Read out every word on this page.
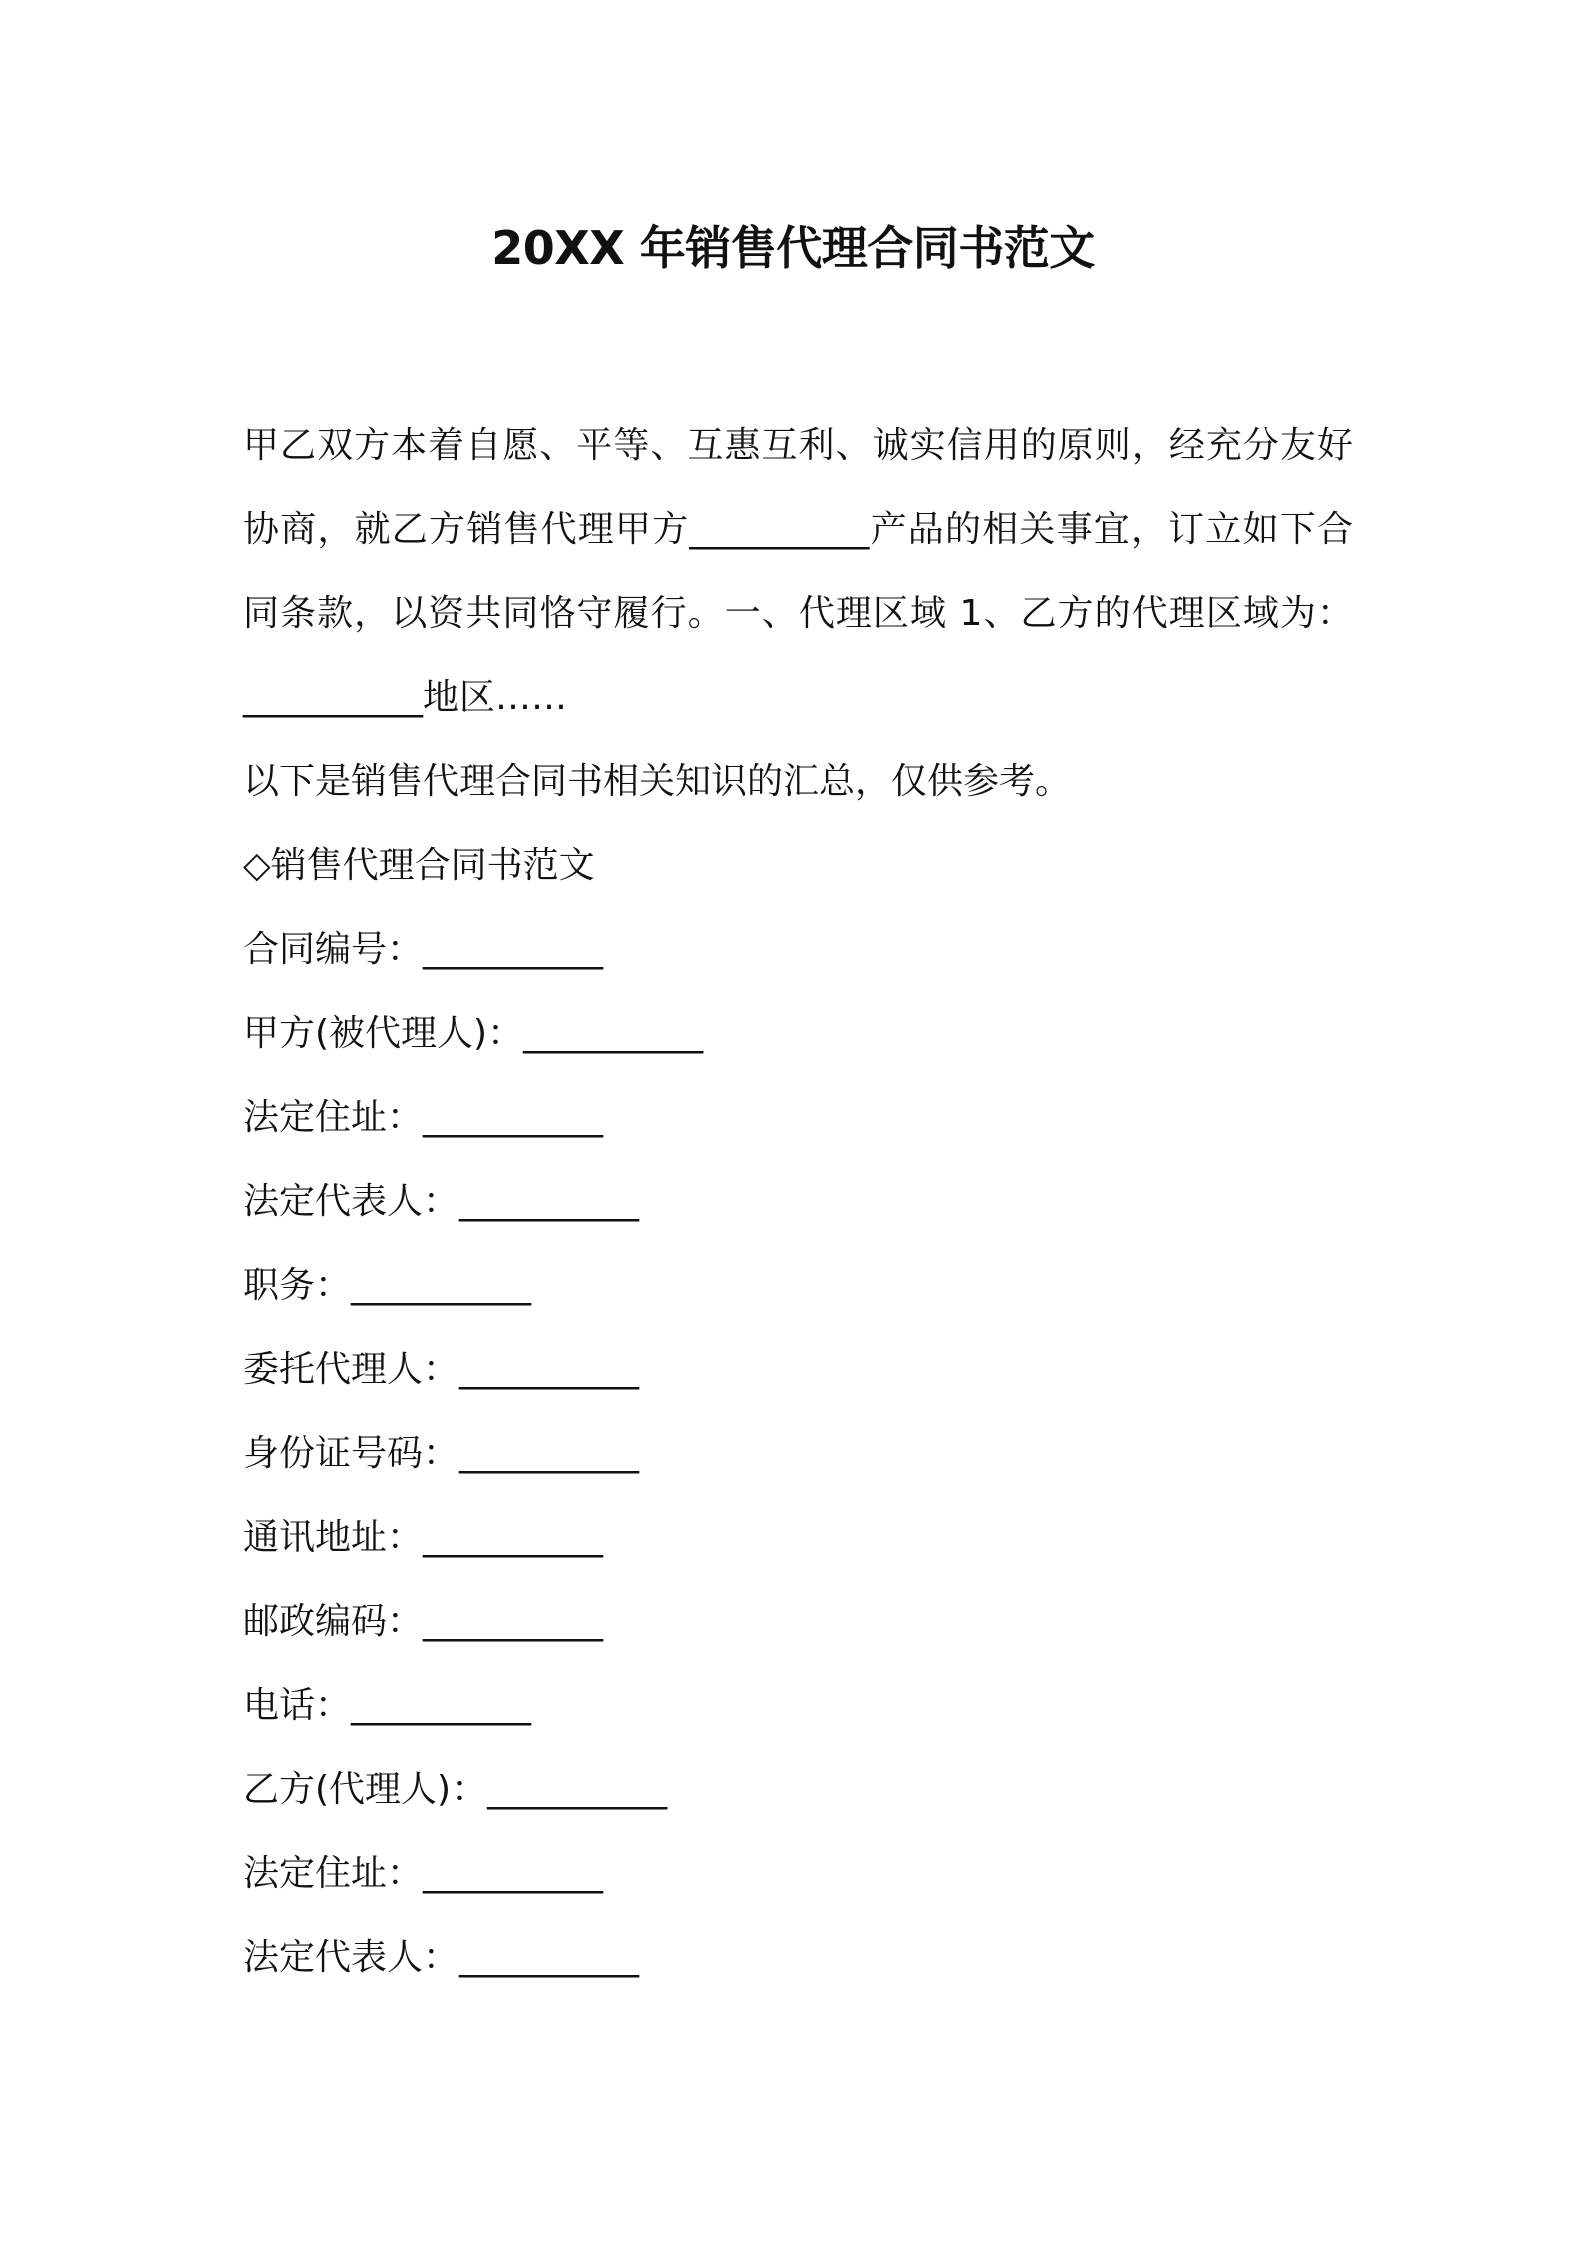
20XX 年销售代理合同书范文

甲乙双方本着自愿、平等、互惠互利、诚实信用的原则，经充分友好协商，就乙方销售代理甲方__________产品的相关事宜，订立如下合同条款，以资共同恪守履行。一、代理区域 1、乙方的代理区域为：__________地区……

以下是销售代理合同书相关知识的汇总，仅供参考。

◇销售代理合同书范文

合同编号：__________

甲方(被代理人)：__________

法定住址：__________

法定代表人：__________

职务：__________

委托代理人：__________

身份证号码：__________

通讯地址：__________

邮政编码：__________

电话：__________

乙方(代理人)：__________

法定住址：__________

法定代表人：__________
